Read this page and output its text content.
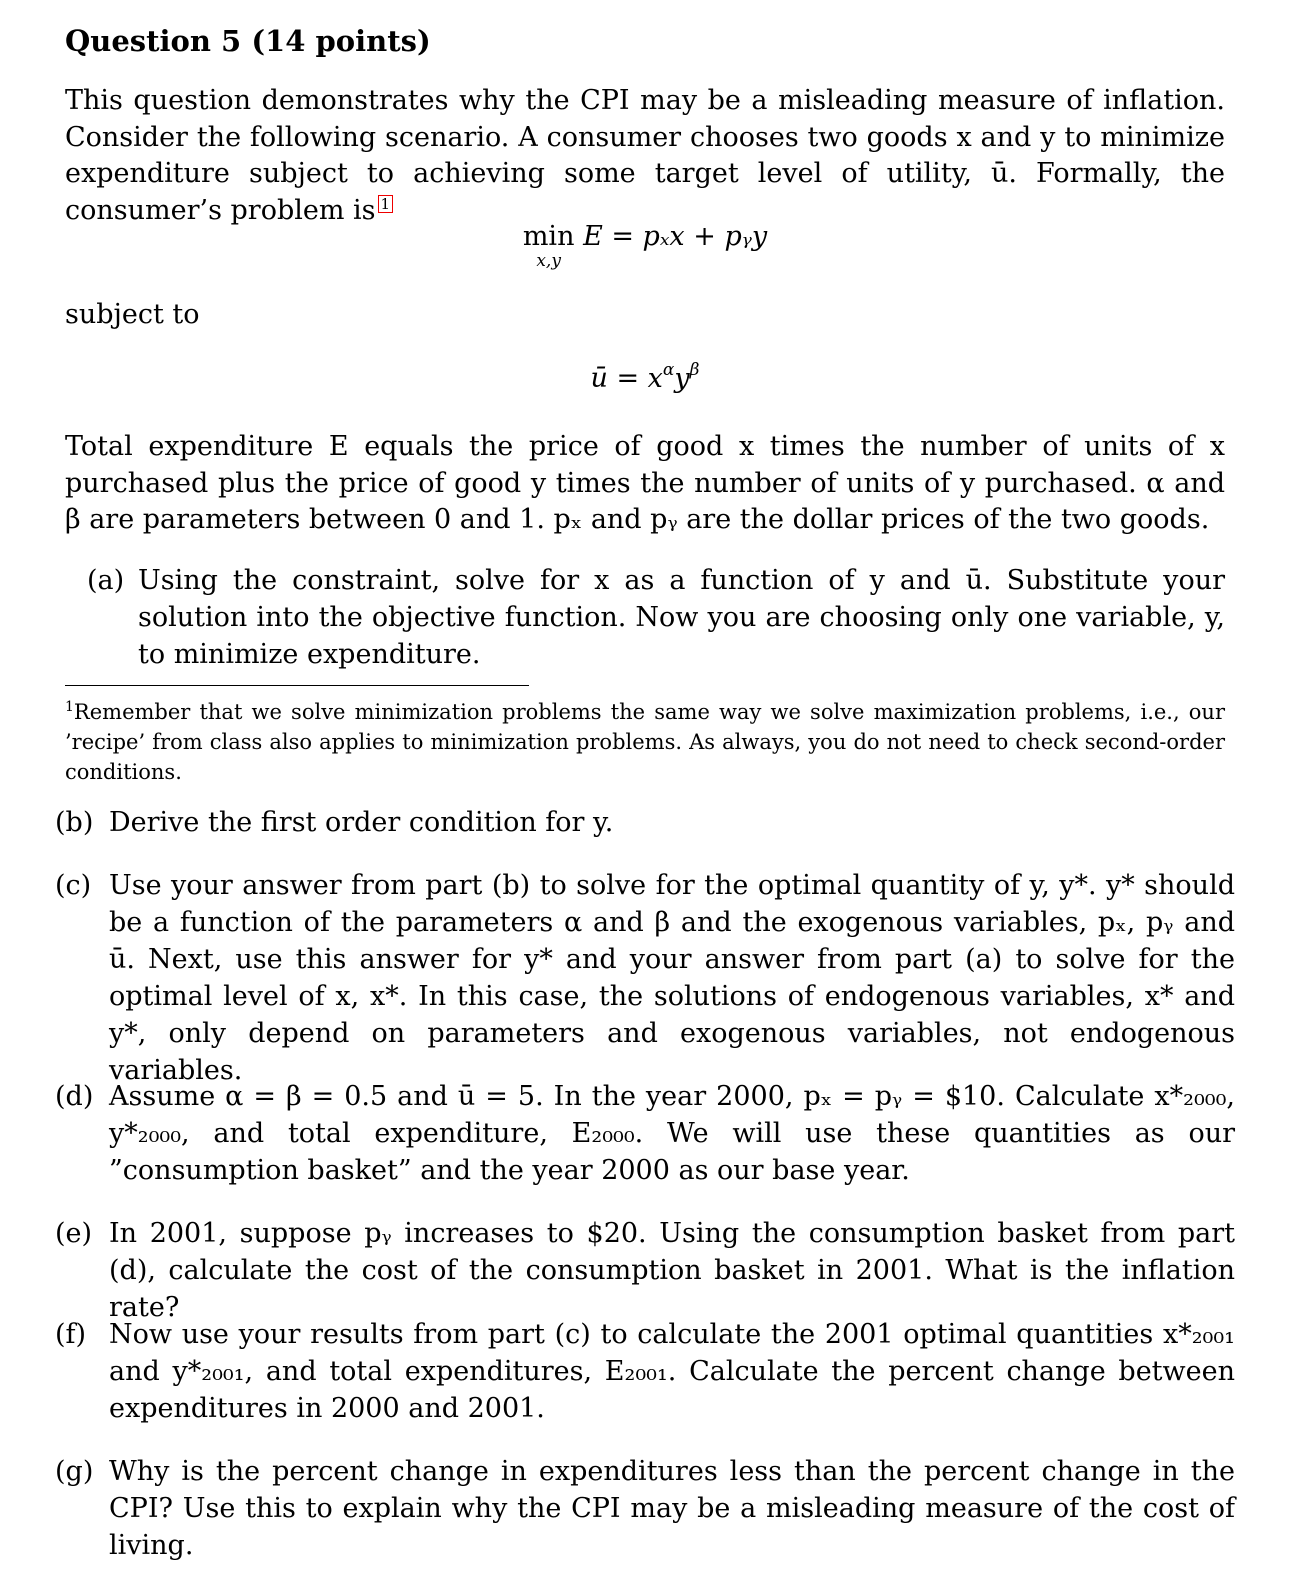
Question 5 (14 points)
This question demonstrates why the CPI may be a misleading measure of inflation. Consider the following scenario. A consumer chooses two goods x and y to minimize expenditure subject to achieving some target level of utility, ū. Formally, the consumer’s problem is 1
min

x,y
E = pₓx + pᵧy
subject to
ū = $x^\alpha y^\beta$
Total expenditure E equals the price of good x times the number of units of x purchased plus the price of good y times the number of units of y purchased. α and β are parameters between 0 and 1. pₓ and pᵧ are the dollar prices of the two goods.
(a) Using the constraint, solve for x as a function of y and ū. Substitute your solution into the objective function. Now you are choosing only one variable, y, to minimize expenditure.
$^1$Remember that we solve minimization problems the same way we solve maximization problems, i.e., our ’recipe’ from class also applies to minimization problems. As always, you do not need to check second-order conditions.
(b) Derive the first order condition for y.
(c) Use your answer from part (b) to solve for the optimal quantity of y, y*. y* should be a function of the parameters α and β and the exogenous variables, pₓ, pᵧ and ū. Next, use this answer for y* and your answer from part (a) to solve for the optimal level of x, x*. In this case, the solutions of endogenous variables, x* and y*, only depend on parameters and exogenous variables, not endogenous variables.
(d) Assume α = β = 0.5 and ū = 5. In the year 2000, pₓ = pᵧ = $10. Calculate x*₂₀₀₀, y*₂₀₀₀, and total expenditure, E₂₀₀₀. We will use these quantities as our ”consumption basket” and the year 2000 as our base year.
(e) In 2001, suppose pᵧ increases to $20. Using the consumption basket from part (d), calculate the cost of the consumption basket in 2001. What is the inflation rate?
(f) Now use your results from part (c) to calculate the 2001 optimal quantities x*₂₀₀₁ and y*₂₀₀₁, and total expenditures, E₂₀₀₁. Calculate the percent change between expenditures in 2000 and 2001.
(g) Why is the percent change in expenditures less than the percent change in the CPI? Use this to explain why the CPI may be a misleading measure of the cost of living.
